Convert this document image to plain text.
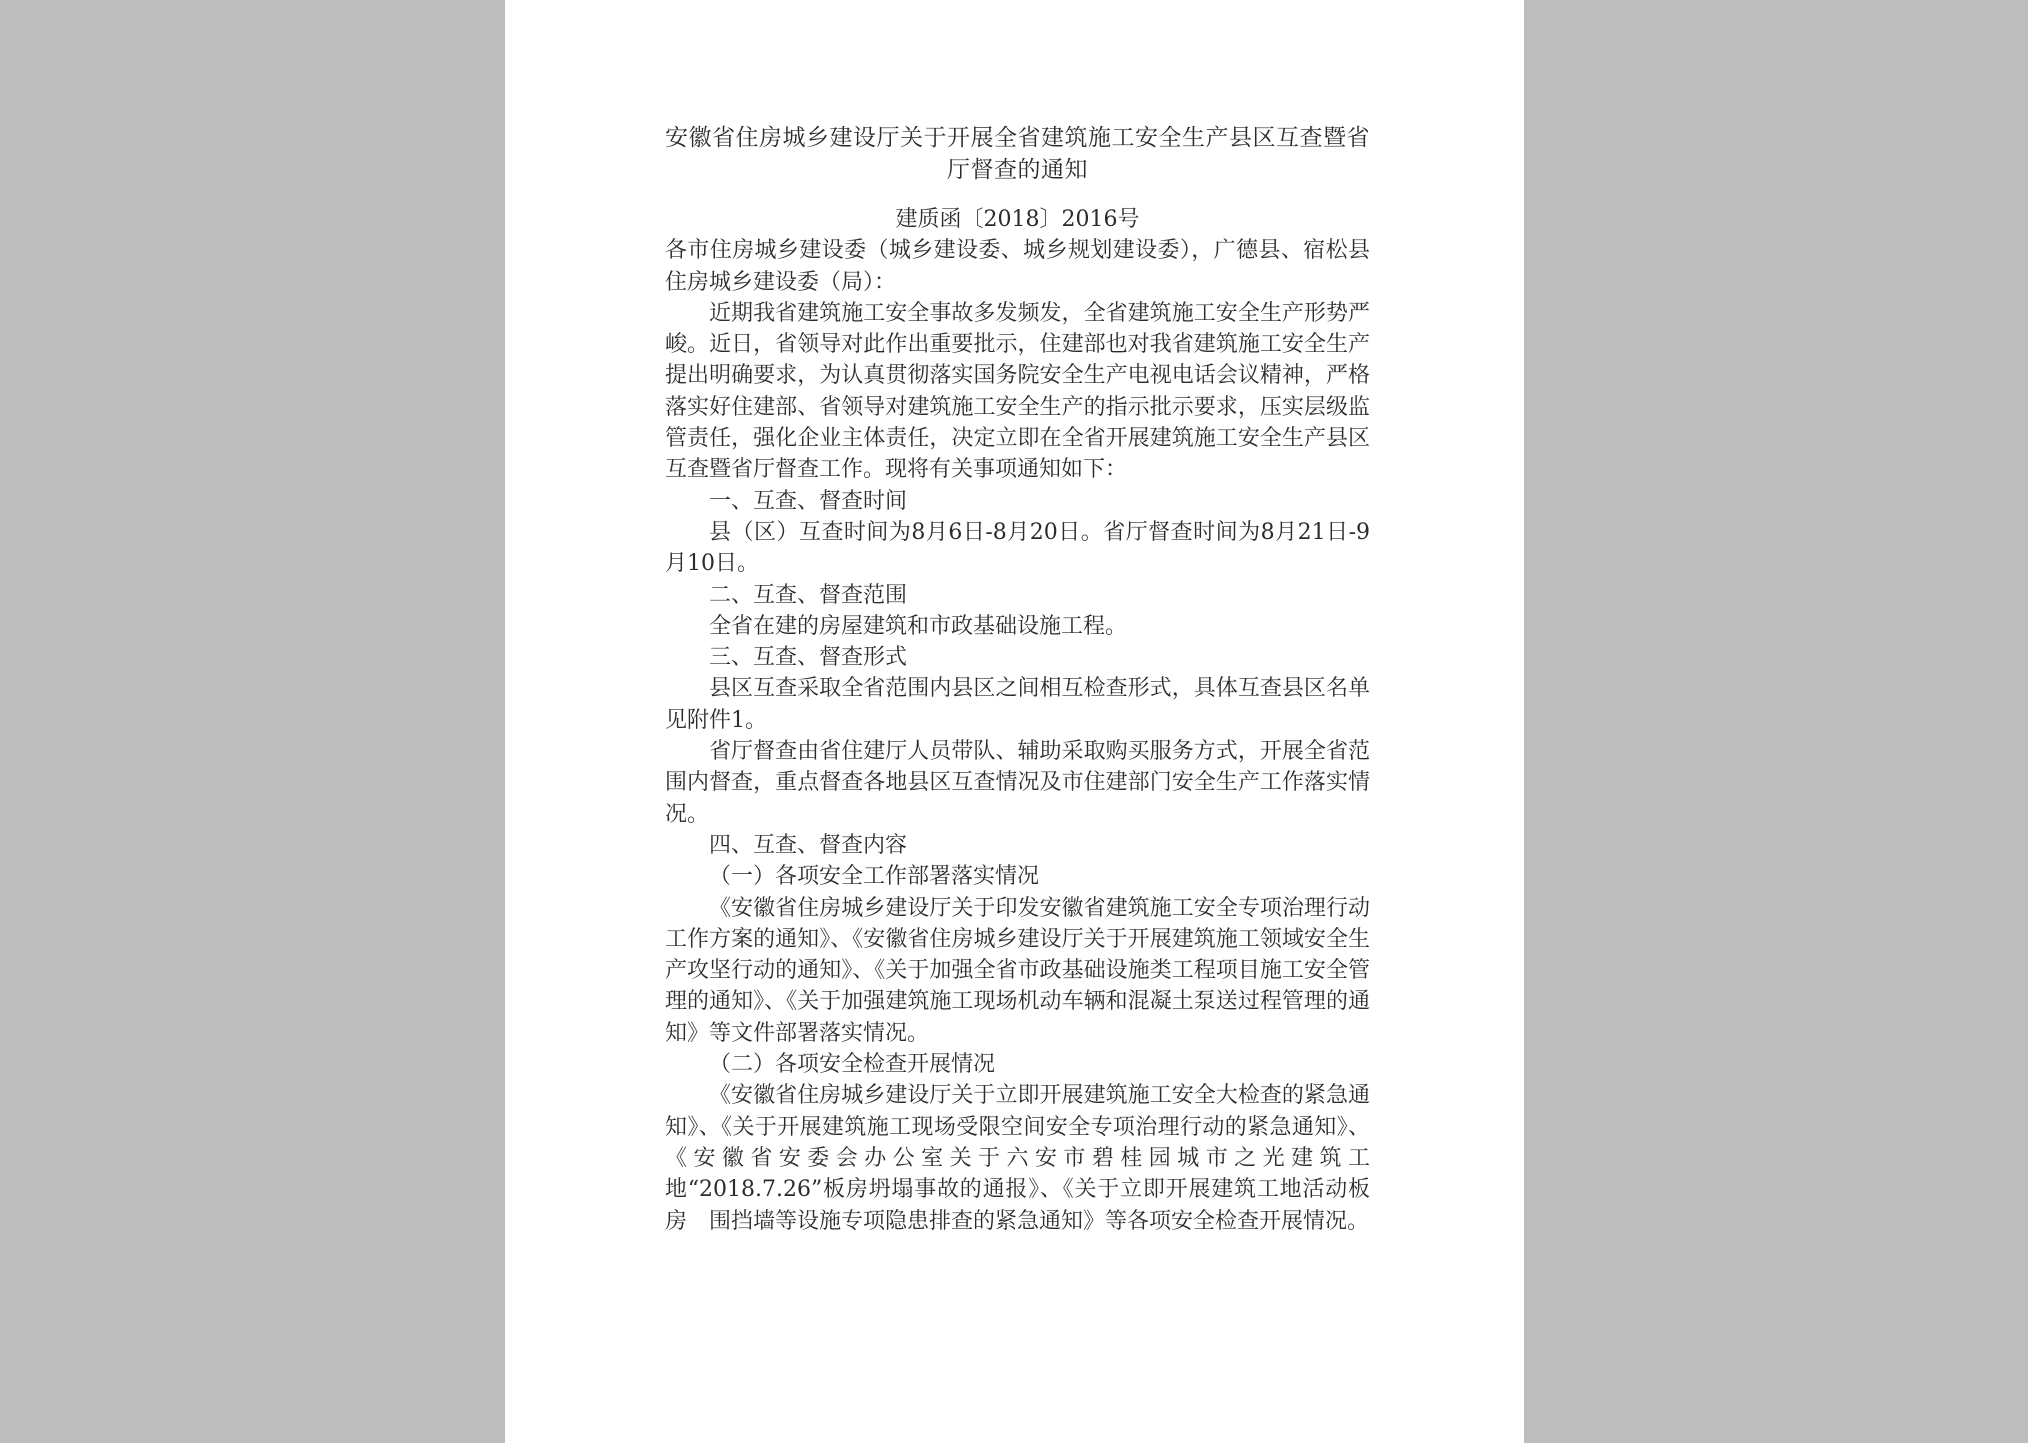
安徽省住房城乡建设厅关于开展全省建筑施工安全生产县区互查暨省厅督查的通知
建质函〔2018〕2016号

各市住房城乡建设委（城乡建设委、城乡规划建设委），广德县、宿松县住房城乡建设委（局）：

近期我省建筑施工安全事故多发频发，全省建筑施工安全生产形势严峻。近日，省领导对此作出重要批示，住建部也对我省建筑施工安全生产提出明确要求，为认真贯彻落实国务院安全生产电视电话会议精神，严格落实好住建部、省领导对建筑施工安全生产的指示批示要求，压实层级监管责任，强化企业主体责任，决定立即在全省开展建筑施工安全生产县区互查暨省厅督查工作。现将有关事项通知如下：

一、互查、督查时间

县（区）互查时间为8月6日-8月20日。省厅督查时间为8月21日-9月10日。

二、互查、督查范围

全省在建的房屋建筑和市政基础设施工程。

三、互查、督查形式

县区互查采取全省范围内县区之间相互检查形式，具体互查县区名单见附件1。

省厅督查由省住建厅人员带队、辅助采取购买服务方式，开展全省范围内督查，重点督查各地县区互查情况及市住建部门安全生产工作落实情况。

四、互查、督查内容

（一）各项安全工作部署落实情况

《安徽省住房城乡建设厅关于印发安徽省建筑施工安全专项治理行动工作方案的通知》、《安徽省住房城乡建设厅关于开展建筑施工领域安全生产攻坚行动的通知》、《关于加强全省市政基础设施类工程项目施工安全管理的通知》、《关于加强建筑施工现场机动车辆和混凝土泵送过程管理的通知》等文件部署落实情况。

（二）各项安全检查开展情况

《安徽省住房城乡建设厅关于立即开展建筑施工安全大检查的紧急通知》、《关于开展建筑施工现场受限空间安全专项治理行动的紧急通知》、《安徽省安委会办公室关于六安市碧桂园城市之光建筑工地“2018.7.26”板房坍塌事故的通报》、《关于立即开展建筑工地活动板房　围挡墙等设施专项隐患排查的紧急通知》等各项安全检查开展情况。
